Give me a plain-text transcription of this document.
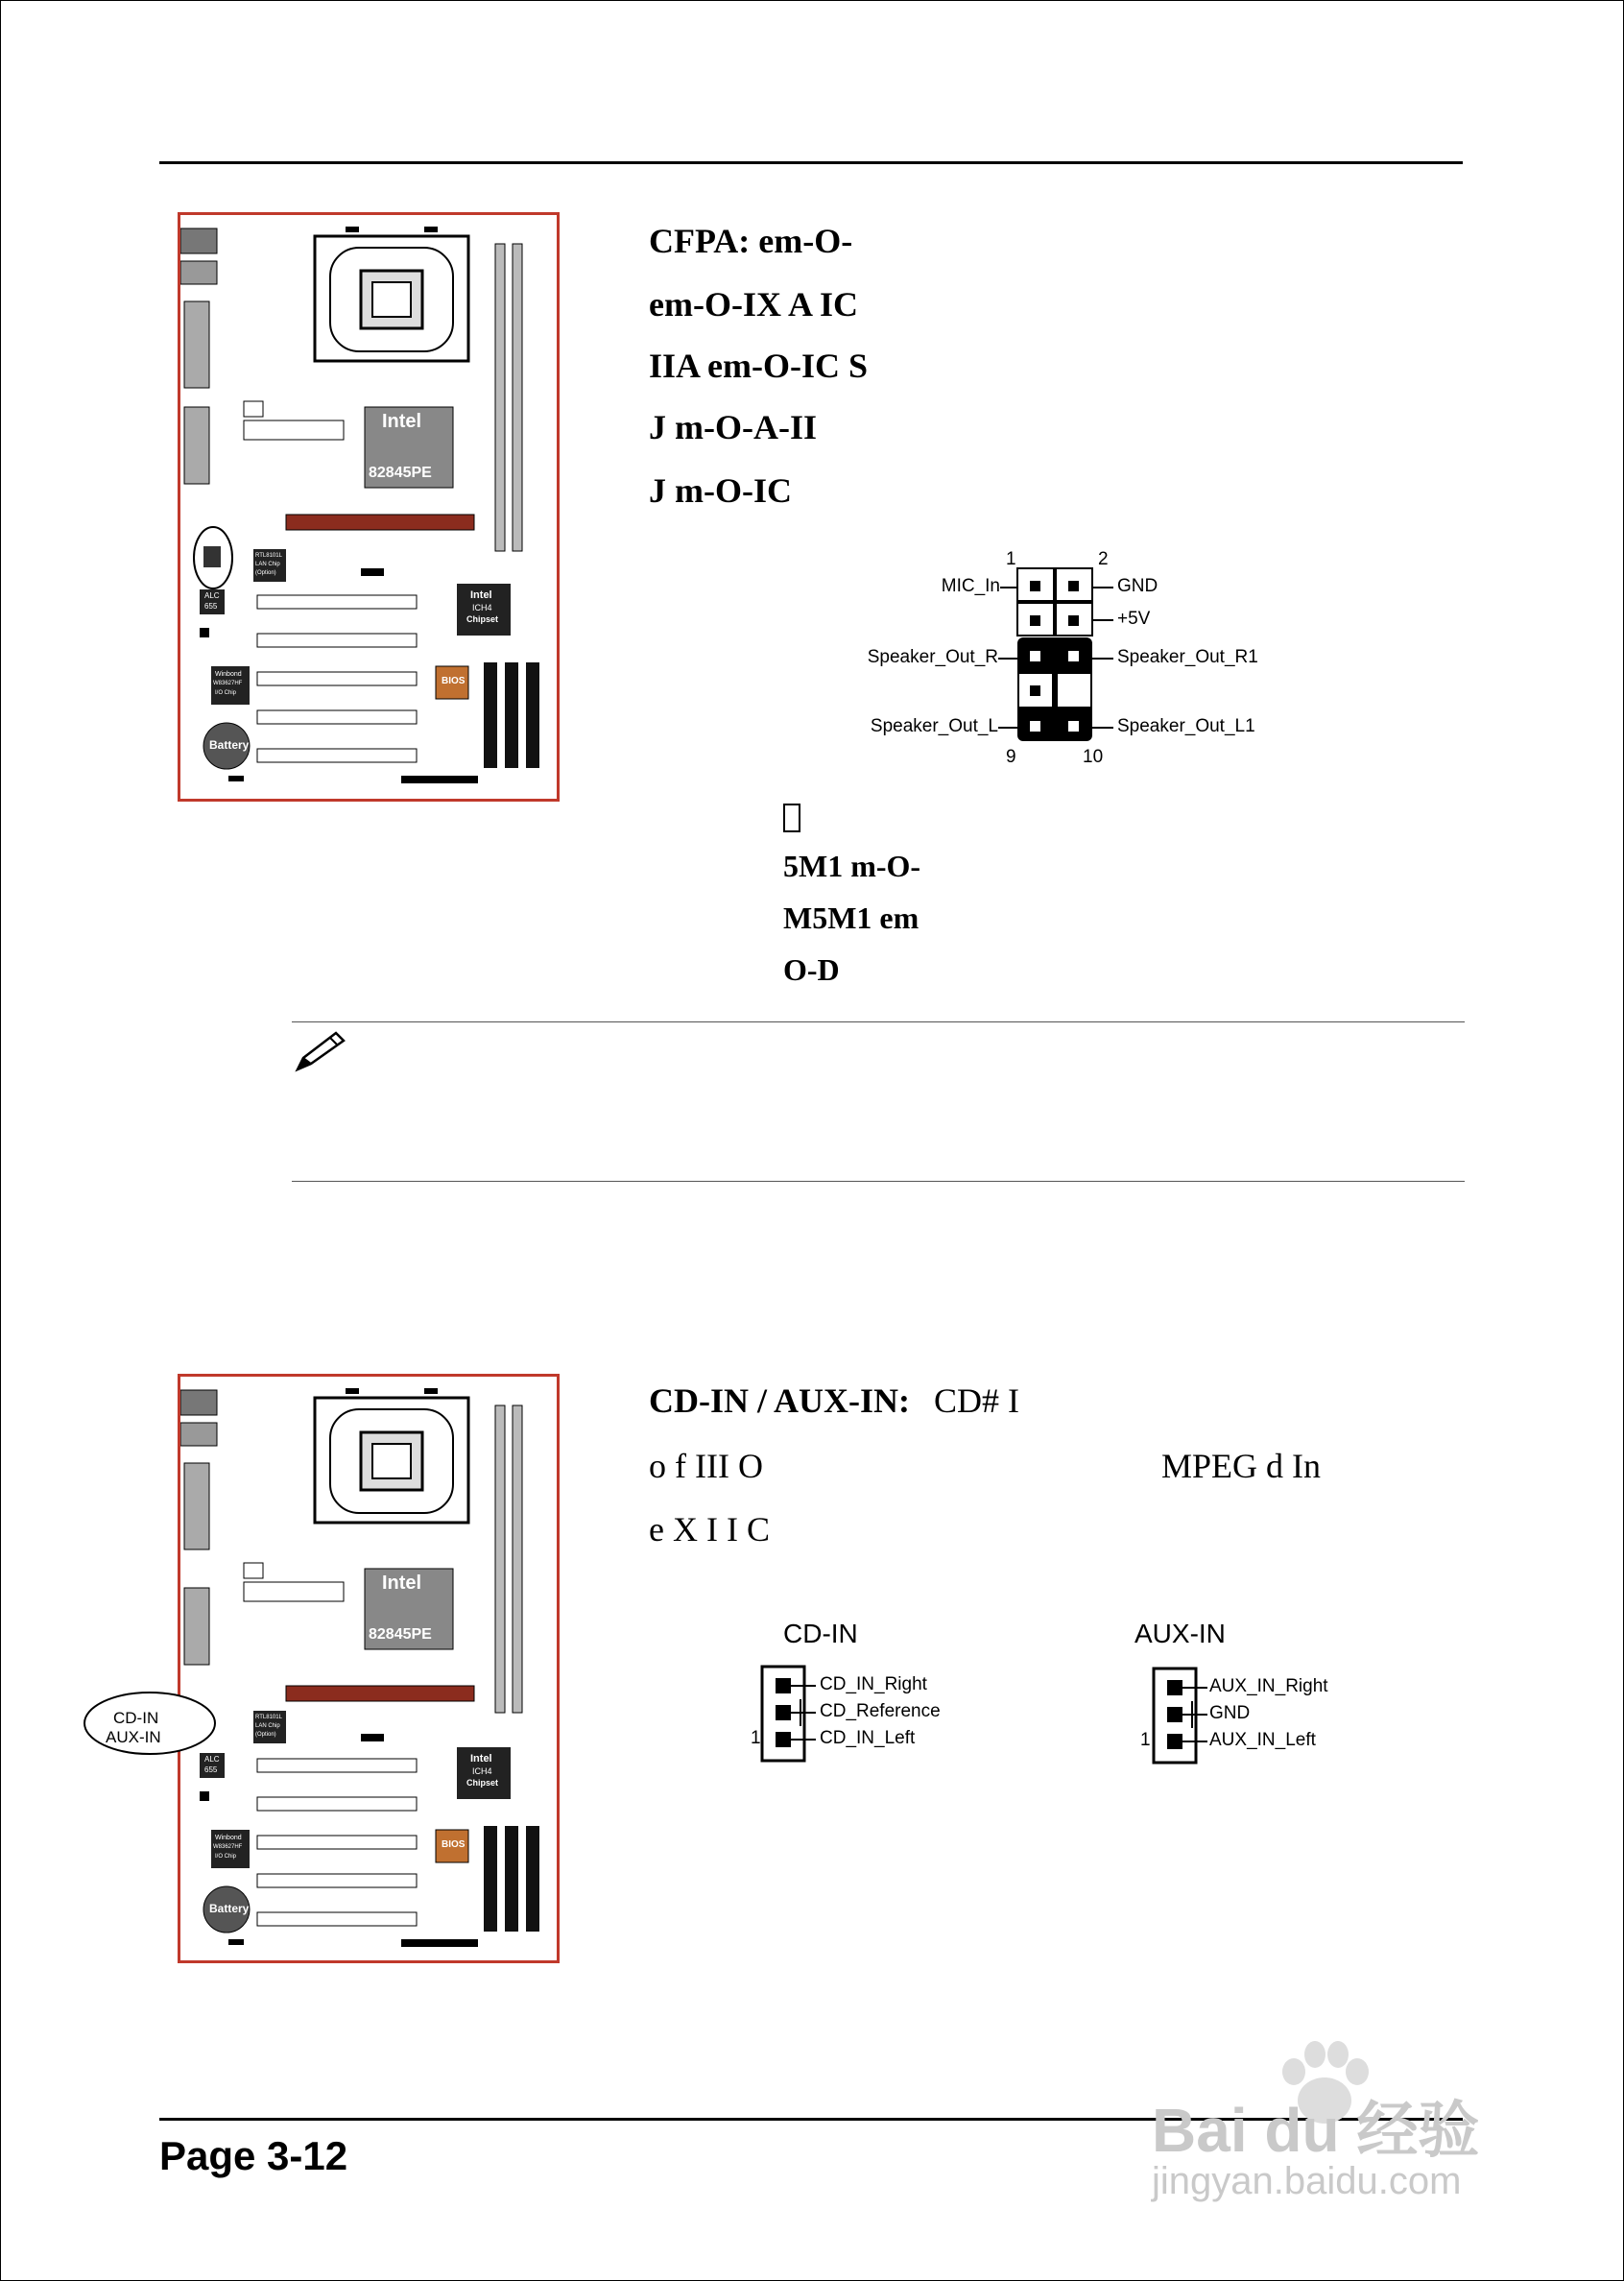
Intel
82845PE
Intel
ICH4
Chipset
RTL8101L
LAN Chip
(Option)
ALC
655
Winbond
W83627HF
I/O Chip
Battery
BIOS
CFPA: em-O-
em-O-IX A IC
IIA em-O-IC S
J m-O-A-II
J m-O-IC
1	2
9	10
MIC_In
Speaker_Out_R
Speaker_Out_L
GND
+5V
Speaker_Out_R1
Speaker_Out_L1
5M1 m-O-
M5M1 em
O-D
Intel
82845PE
Intel
ICH4
Chipset
RTL8101L
LAN Chip
(Option)
ALC
655
Winbond
W83627HF
I/O Chip
Battery
BIOS
CD-IN
AUX-IN
CD-IN / AUX-IN: CD# I
o f III O	MPEG d In
e X I I C
CD-IN
1
CD_IN_Right
CD_Reference
CD_IN_Left
AUX-IN
1
AUX_IN_Right
GND
AUX_IN_Left
Page 3-12	Bai du 经验
jingyan.baidu.com
